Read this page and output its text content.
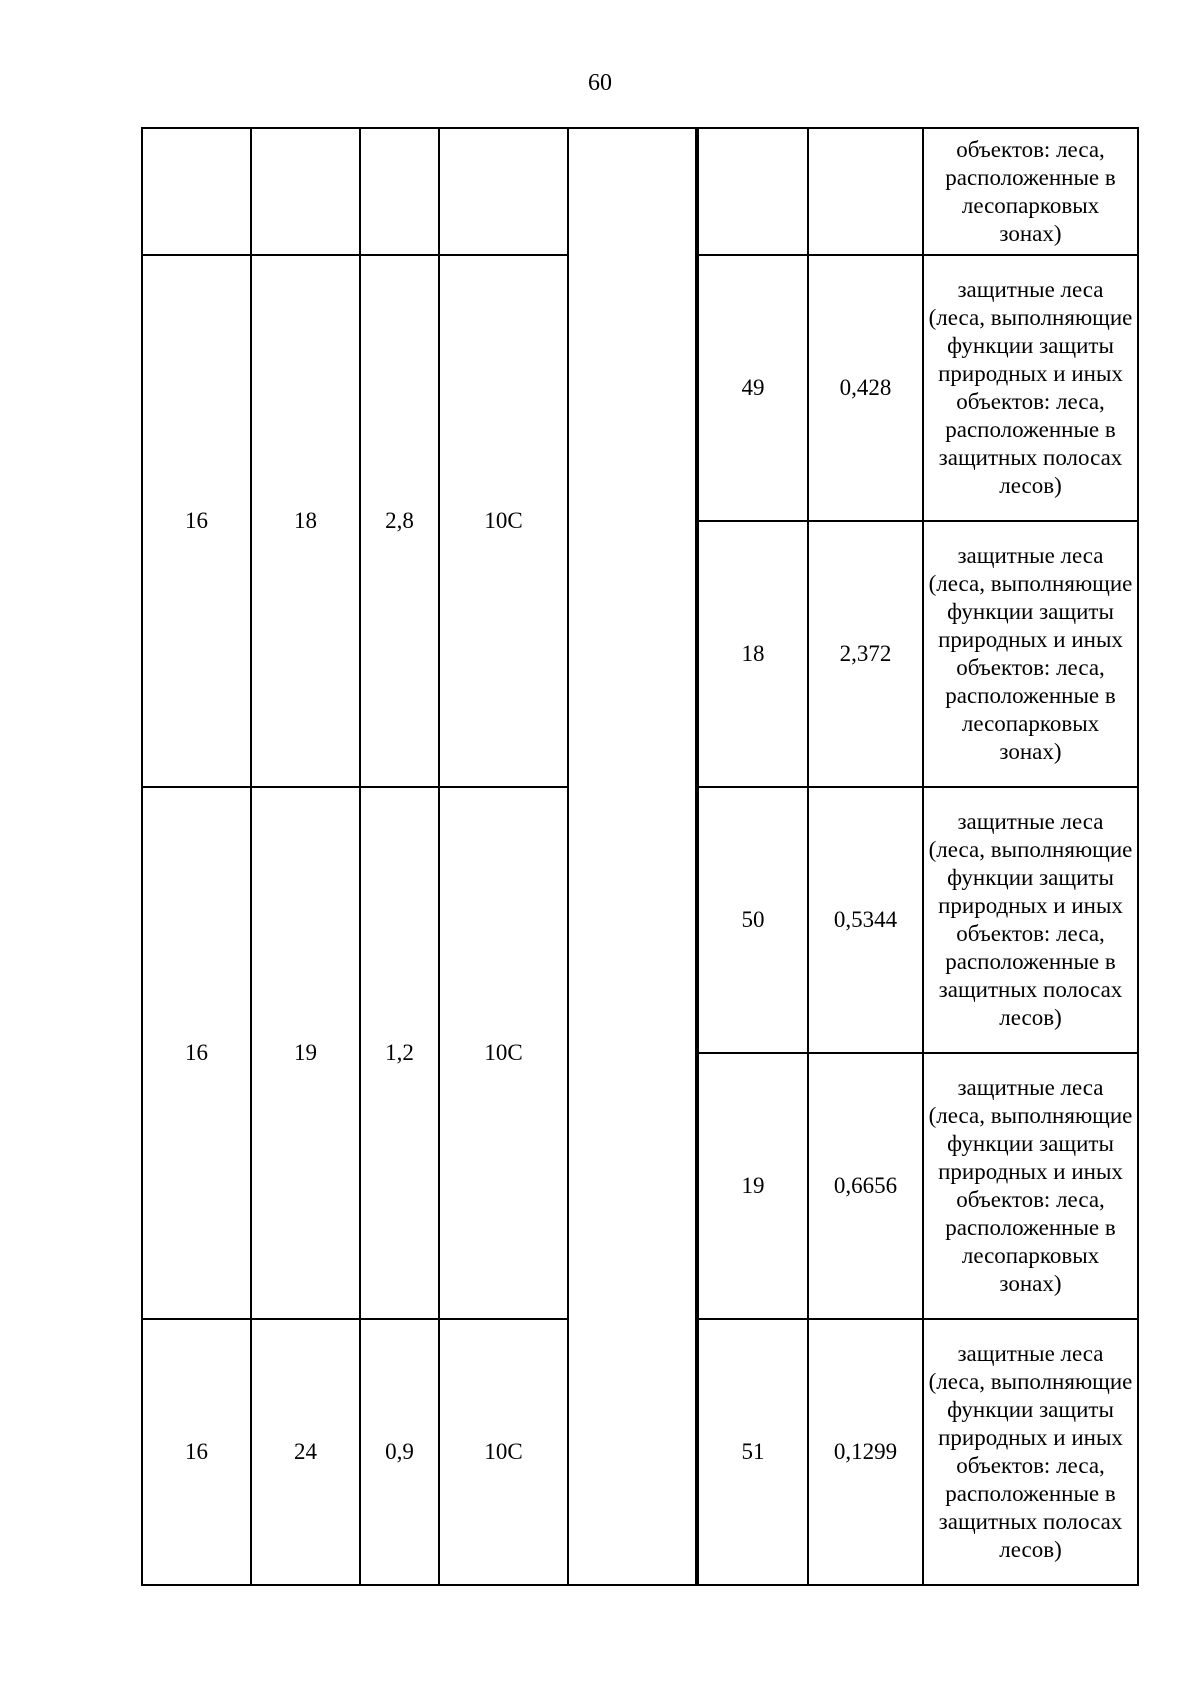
60
								объектов: леса, расположенные в лесопарковых зонах)
16	18	2,8	10С			49	0,428	защитные леса (леса, выполняющие функции защиты природных и иных объектов: леса, расположенные в защитных полосах лесов)
						18	2,372	защитные леса (леса, выполняющие функции защиты природных и иных объектов: леса, расположенные в лесопарковых зонах)
16	19	1,2	10С			50	0,5344	защитные леса (леса, выполняющие функции защиты природных и иных объектов: леса, расположенные в защитных полосах лесов)
						19	0,6656	защитные леса (леса, выполняющие функции защиты природных и иных объектов: леса, расположенные в лесопарковых зонах)
16	24	0,9	10С			51	0,1299	защитные леса (леса, выполняющие функции защиты природных и иных объектов: леса, расположенные в защитных полосах лесов)
